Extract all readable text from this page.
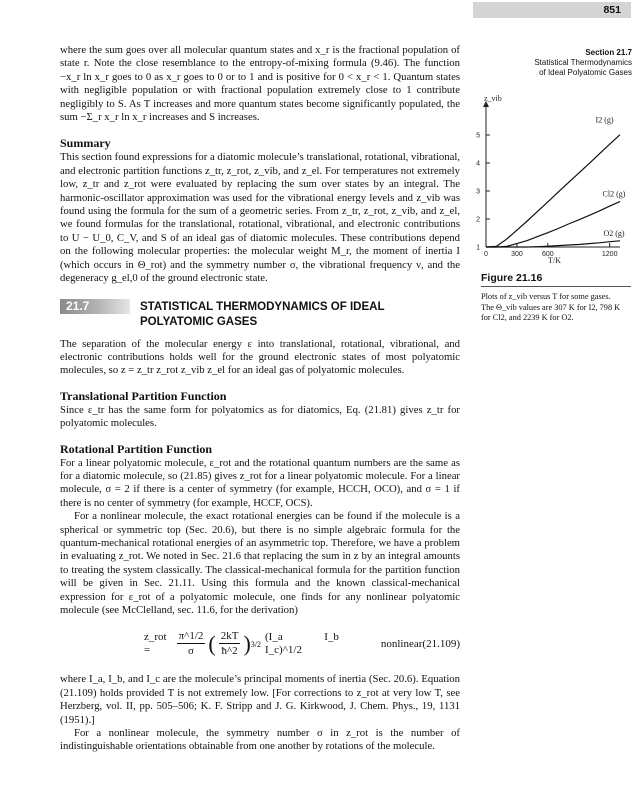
851
Section 21.7
Statistical Thermodynamics
of Ideal Polyatomic Gases

where the sum goes over all molecular quantum states and x_r is the fractional population of state r. Note the close resemblance to the entropy-of-mixing formula (9.46). The function −x_r ln x_r goes to 0 as x_r goes to 0 or to 1 and is positive for 0 < x_r < 1. Quantum states with negligible population or with fractional population extremely close to 1 contribute negligibly to S. As T increases and more quantum states become significantly populated, the sum −Σ_r x_r ln x_r increases and S increases.

Summary

This section found expressions for a diatomic molecule’s translational, rotational, vibrational, and electronic partition functions z_tr, z_rot, z_vib, and z_el. For temperatures not extremely low, z_tr and z_rot were evaluated by replacing the sum over states by an integral. The harmonic-oscillator approximation was used for the vibrational energy levels and z_vib was found using the formula for the sum of a geometric series. From z_tr, z_rot, z_vib, and z_el, we found formulas for the translational, rotational, vibrational, and electronic contributions to U − U_0, C_V, and S of an ideal gas of diatomic molecules. These contributions depend on the following molecular properties: the molecular weight M_r, the moment of inertia I (which occurs in Θ_rot) and the symmetry number σ, the vibrational frequency ν, and the degeneracy g_el,0 of the ground electronic state.

21.7	STATISTICAL THERMODYNAMICS OF IDEAL
POLYATOMIC GASES

The separation of the molecular energy ε into translational, rotational, vibrational, and electronic contributions holds well for the ground electronic states of most polyatomic molecules, so z = z_tr z_rot z_vib z_el for an ideal gas of polyatomic molecules.

Translational Partition Function

Since ε_tr has the same form for polyatomics as for diatomics, Eq. (21.81) gives z_tr for polyatomic molecules.

Rotational Partition Function

For a linear polyatomic molecule, ε_rot and the rotational quantum numbers are the same as for a diatomic molecule, so (21.85) gives z_rot for a linear polyatomic molecule. For a linear molecule, σ = 2 if there is a center of symmetry (for example, HCCH, OCO), and σ = 1 if there is no center of symmetry (for example, HCCF, OCS).

For a nonlinear molecule, the exact rotational energies can be found if the molecule is a spherical or symmetric top (Sec. 20.6), but there is no simple algebraic formula for the quantum-mechanical rotational energies of an asymmetric top. Therefore, we have a problem in evaluating z_rot. We noted in Sec. 21.6 that replacing the sum in z by an integral amounts to treating the system classically. The classical-mechanical formula for the partition function will be given in Sec. 21.11. Using this formula and the known classical-mechanical expression for ε_rot of a polyatomic molecule, one finds for any nonlinear polyatomic molecule (see McClelland, sec. 11.6, for the derivation)

z_rot =	$\frac{\pi\^{}1/2}{\sigma}$ ( $\frac{2kT}{ħ\^{}2}$ ) 3/2
(I_a I_b I_c)^1/2
nonlinear (21.109)

where I_a, I_b, and I_c are the molecule’s principal moments of inertia (Sec. 20.6). Equation (21.109) holds provided T is not extremely low. [For corrections to z_rot at very low T, see Herzberg, vol. II, pp. 505–506; K. F. Stripp and J. G. Kirkwood, J. Chem. Phys., 19, 1131 (1951).]

For a nonlinear molecule, the symmetry number σ in z_rot is the number of indistinguishable orientations obtainable from one another by rotations of the molecule.

1
2
3
4
5
0	300	600	1200
I2 (g)
Cl2 (g)
O2 (g)
z_vib
T/K
Figure 21.16
Plots of z_vib versus T for some gases. The Θ_vib values are 307 K for I2, 798 K for Cl2, and 2239 K for O2.
